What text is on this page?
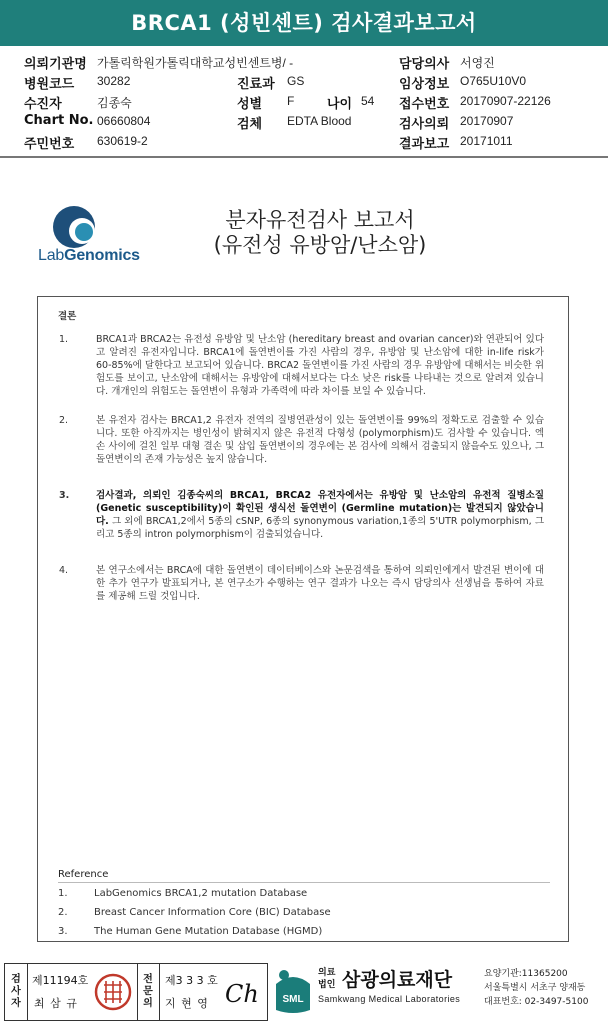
BRCA1 (성빈센트) 검사결과보고서
의뢰기관명 가톨릭학원가톨릭대학교성빈센트병/ -	담당의사 서영진
병원코드 30282	진료과 GS	임상정보 O765U10V0
수진자	김종숙	성별 F	나이 54 접수번호 20170907-22126
Chart No. 06660804	검체 EDTA Blood	검사의뢰 20170907
주민번호 630619-2	결과보고 20171011
LabGenomics
분자유전검사 보고서
(유전성 유방암/난소암)
결론
1.	BRCA1과 BRCA2는 유전성 유방암 및 난소암 (hereditary breast and ovarian cancer)와 연관되어 있다고 알려진 유전자입니다. BRCA1에 돌연변이를 가진 사람의 경우, 유방암 및 난소암에 대한 in-life risk가 60-85%에 달한다고 보고되어 있습니다. BRCA2 돌연변이를 가진 사람의 경우 유방암에 대해서는 비슷한 위험도를 보이고, 난소암에 대해서는 유방암에 대해서보다는 다소 낮은 risk를 나타내는 것으로 알려져 있습니다. 개개인의 위험도는 돌연변이 유형과 가족력에 따라 차이를 보일 수 있습니다.
2.	본 유전자 검사는 BRCA1,2 유전자 전역의 질병연관성이 있는 돌연변이를 99%의 정확도로 검출할 수 있습니다. 또한 아직까지는 병인성이 밝혀지지 않은 유전적 다형성 (polymorphism)도 검사할 수 있습니다. 엑손 사이에 걸친 일부 대형 결손 및 삽입 돌연변이의 경우에는 본 검사에 의해서 검출되지 않을수도 있으나, 그 돌연변이의 존재 가능성은 높지 않습니다.
3.	검사결과, 의뢰인 김종숙씨의 BRCA1, BRCA2 유전자에서는 유방암 및 난소암의 유전적 질병소질 (Genetic susceptibility)이 확인된 생식선 돌연변이 (Germline mutation)는 발견되지 않았습니다. 그 외에 BRCA1,2에서 5종의 cSNP, 6종의 synonymous variation,1종의 5'UTR polymorphism, 그리고 5종의 intron polymorphism이 검출되었습니다.
4.	본 연구소에서는 BRCA에 대한 돌연변이 데이터베이스와 논문검색을 통하여 의뢰인에게서 발견된 변이에 대한 추가 연구가 발표되거나, 본 연구소가 수행하는 연구 결과가 나오는 즉시 담당의사 선생님을 통하여 자료를 제공해 드릴 것입니다.
Reference
1.	LabGenomics BRCA1,2 mutation Database
2.	Breast Cancer Information Core (BIC) Database
3.	The Human Gene Mutation Database (HGMD)
검사자
제11194호
최 삼 규
전문의
제3 3 3 호
지 현 영 Ch SML
의료법인 삼광의료재단
Samkwang Medical Laboratories
요양기관:11365200
서울특별시 서초구 양재동
대표번호: 02-3497-5100
